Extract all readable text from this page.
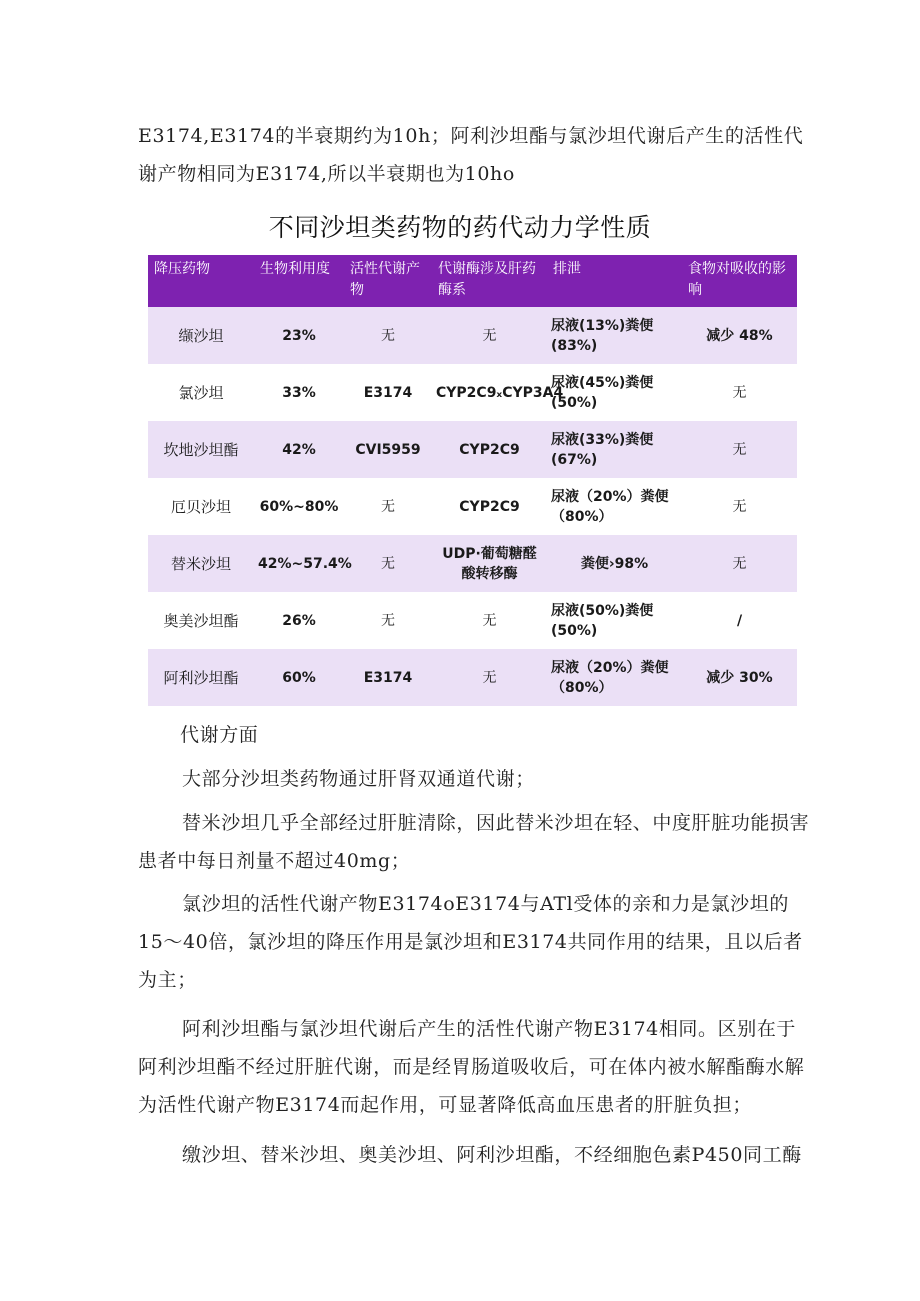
E3174,E3174的半衰期约为10h；阿利沙坦酯与氯沙坦代谢后产生的活性代谢产物相同为E3174,所以半衰期也为10ho

不同沙坦类药物的药代动力学性质
降压药物	生物利用度	活性代谢产物	代谢酶涉及肝药酶系	排泄	食物对吸收的影响
缬沙坦	23%	无	无	尿液(13%)粪便(83%)	减少 48%
氯沙坦	33%	E3174	CYP2C9ₓCYP3A4	尿液(45%)粪便(50%)	无
坎地沙坦酯	42%	CVI5959	CYP2C9	尿液(33%)粪便(67%)	无
厄贝沙坦	60%~80%	无	CYP2C9	尿液（20%）粪便（80%）	无
替米沙坦	42%~57.4%	无	UDP·葡萄糖醛酸转移酶	粪便›98%	无
奥美沙坦酯	26%	无	无	尿液(50%)粪便(50%)	/
阿利沙坦酯	60%	E3174	无	尿液（20%）粪便（80%）	减少 30%

代谢方面

大部分沙坦类药物通过肝肾双通道代谢；

替米沙坦几乎全部经过肝脏清除，因此替米沙坦在轻、中度肝脏功能损害患者中每日剂量不超过40mg；

氯沙坦的活性代谢产物E3174oE3174与ATl受体的亲和力是氯沙坦的15～40倍，氯沙坦的降压作用是氯沙坦和E3174共同作用的结果，且以后者为主；

阿利沙坦酯与氯沙坦代谢后产生的活性代谢产物E3174相同。区别在于阿利沙坦酯不经过肝脏代谢，而是经胃肠道吸收后，可在体内被水解酯酶水解为活性代谢产物E3174而起作用，可显著降低高血压患者的肝脏负担；

缴沙坦、替米沙坦、奥美沙坦、阿利沙坦酯，不经细胞色素P450同工酶
